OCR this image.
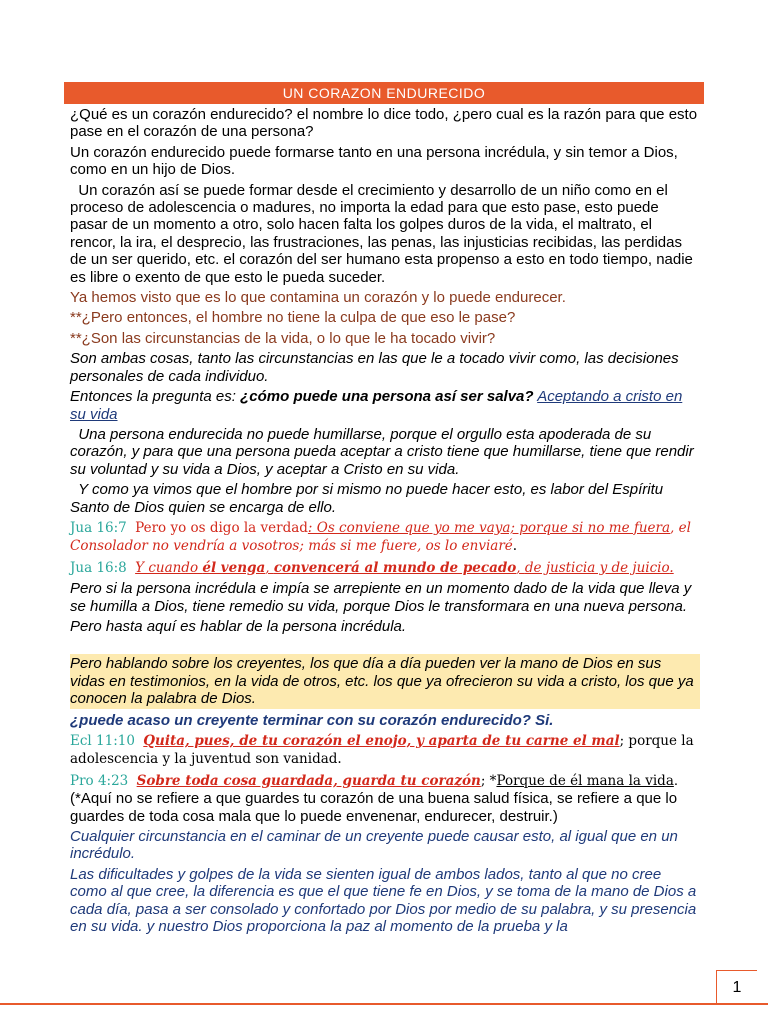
UN CORAZON ENDURECIDO

¿Qué es un corazón endurecido? el nombre lo dice todo, ¿pero cual es la razón para que esto pase en el corazón de una persona?

Un corazón endurecido puede formarse tanto en una persona incrédula, y sin temor a Dios, como en un hijo de Dios.

Un corazón así se puede formar desde el crecimiento y desarrollo de un niño como en el proceso de adolescencia o madures, no importa la edad para que esto pase, esto puede pasar de un momento a otro, solo hacen falta los golpes duros de la vida, el maltrato, el rencor, la ira, el desprecio, las frustraciones, las penas, las injusticias recibidas, las perdidas de un ser querido, etc. el corazón del ser humano esta propenso a esto en todo tiempo, nadie es libre o exento de que esto le pueda suceder.

Ya hemos visto que es lo que contamina un corazón y lo puede endurecer.

**¿Pero entonces, el hombre no tiene la culpa de que eso le pase?

**¿Son las circunstancias de la vida, o lo que le ha tocado vivir?

Son ambas cosas, tanto las circunstancias en las que le a tocado vivir como, las decisiones personales de cada individuo.

Entonces la pregunta es: ¿cómo puede una persona así ser salva? Aceptando a cristo en su vida

Una persona endurecida no puede humillarse, porque el orgullo esta apoderada de su corazón, y para que una persona pueda aceptar a cristo tiene que humillarse, tiene que rendir su voluntad y su vida a Dios, y aceptar a Cristo en su vida.

Y como ya vimos que el hombre por si mismo no puede hacer esto, es labor del Espíritu Santo de Dios quien se encarga de ello.

Jua 16:7 Pero yo os digo la verdad: Os conviene que yo me vaya; porque si no me fuera, el Consolador no vendría a vosotros; más si me fuere, os lo enviaré.

Jua 16:8 Y cuando él venga, convencerá al mundo de pecado, de justicia y de juicio.

Pero si la persona incrédula e impía se arrepiente en un momento dado de la vida que lleva y se humilla a Dios, tiene remedio su vida, porque Dios le transformara en una nueva persona.

Pero hasta aquí es hablar de la persona incrédula.

Pero hablando sobre los creyentes, los que día a día pueden ver la mano de Dios en sus vidas en testimonios, en la vida de otros, etc. los que ya ofrecieron su vida a cristo, los que ya conocen la palabra de Dios.

¿puede acaso un creyente terminar con su corazón endurecido? Si.

Ecl 11:10 Quita, pues, de tu corazón el enojo, y aparta de tu carne el mal; porque la adolescencia y la juventud son vanidad.

Pro 4:23 Sobre toda cosa guardada, guarda tu corazón; *Porque de él mana la vida. (*Aquí no se refiere a que guardes tu corazón de una buena salud física, se refiere a que lo guardes de toda cosa mala que lo puede envenenar, endurecer, destruir.)

Cualquier circunstancia en el caminar de un creyente puede causar esto, al igual que en un incrédulo.

Las dificultades y golpes de la vida se sienten igual de ambos lados, tanto al que no cree como al que cree, la diferencia es que el que tiene fe en Dios, y se toma de la mano de Dios a cada día, pasa a ser consolado y confortado por Dios por medio de su palabra, y su presencia en su vida. y nuestro Dios proporciona la paz al momento de la prueba y la

1
